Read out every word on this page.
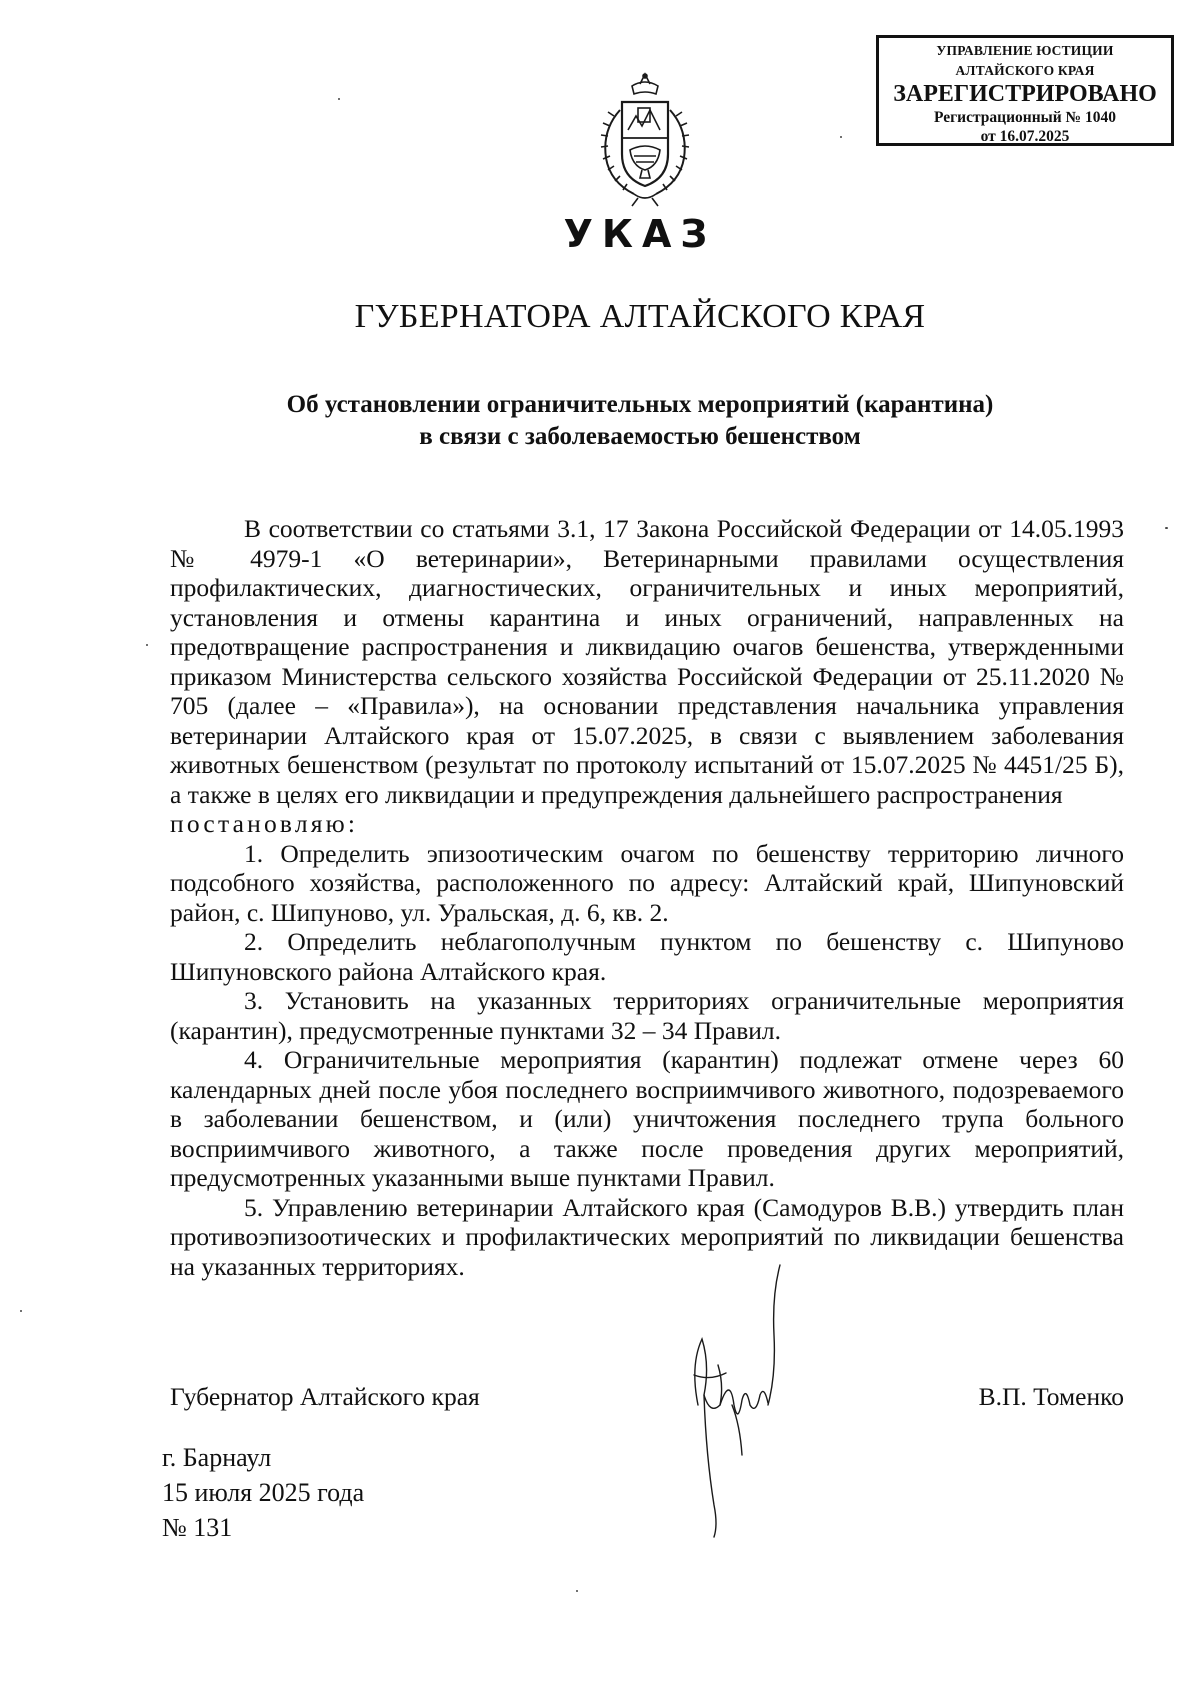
УПРАВЛЕНИЕ ЮСТИЦИИ
АЛТАЙСКОГО КРАЯ
ЗАРЕГИСТРИРОВАНО
Регистрационный № 1040
от 16.07.2025
УКАЗ
ГУБЕРНАТОРА АЛТАЙСКОГО КРАЯ
Об установлении ограничительных мероприятий (карантина)
в связи с заболеваемостью бешенством

В соответствии со статьями 3.1, 17 Закона Российской Федерации от 14.05.1993 № 4979-1 «О ветеринарии», Ветеринарными правилами осуществления профилактических, диагностических, ограничительных и иных мероприятий, установления и отмены карантина и иных ограничений, направленных на предотвращение распространения и ликвидацию очагов бешенства, утвержденными приказом Министерства сельского хозяйства Российской Федерации от 25.11.2020 № 705 (далее – «Правила»), на основании представления начальника управления ветеринарии Алтайского края от 15.07.2025, в связи с выявлением заболевания животных бешенством (результат по протоколу испытаний от 15.07.2025 № 4451/25 Б), а также в целях его ликвидации и предупреждения дальнейшего распространения

постановляю:

1. Определить эпизоотическим очагом по бешенству территорию личного подсобного хозяйства, расположенного по адресу: Алтайский край, Шипуновский район, с. Шипуново, ул. Уральская, д. 6, кв. 2.

2. Определить неблагополучным пунктом по бешенству с. Шипуново Шипуновского района Алтайского края.

3. Установить на указанных территориях ограничительные мероприятия (карантин), предусмотренные пунктами 32 – 34 Правил.

4. Ограничительные мероприятия (карантин) подлежат отмене через 60 календарных дней после убоя последнего восприимчивого животного, подозреваемого в заболевании бешенством, и (или) уничтожения последнего трупа больного восприимчивого животного, а также после проведения других мероприятий, предусмотренных указанными выше пунктами Правил.

5. Управлению ветеринарии Алтайского края (Самодуров В.В.) утвердить план противоэпизоотических и профилактических мероприятий по ликвидации бешенства на указанных территориях.

Губернатор Алтайского края	В.П. Томенко
г. Барнаул
15 июля 2025 года
№ 131
